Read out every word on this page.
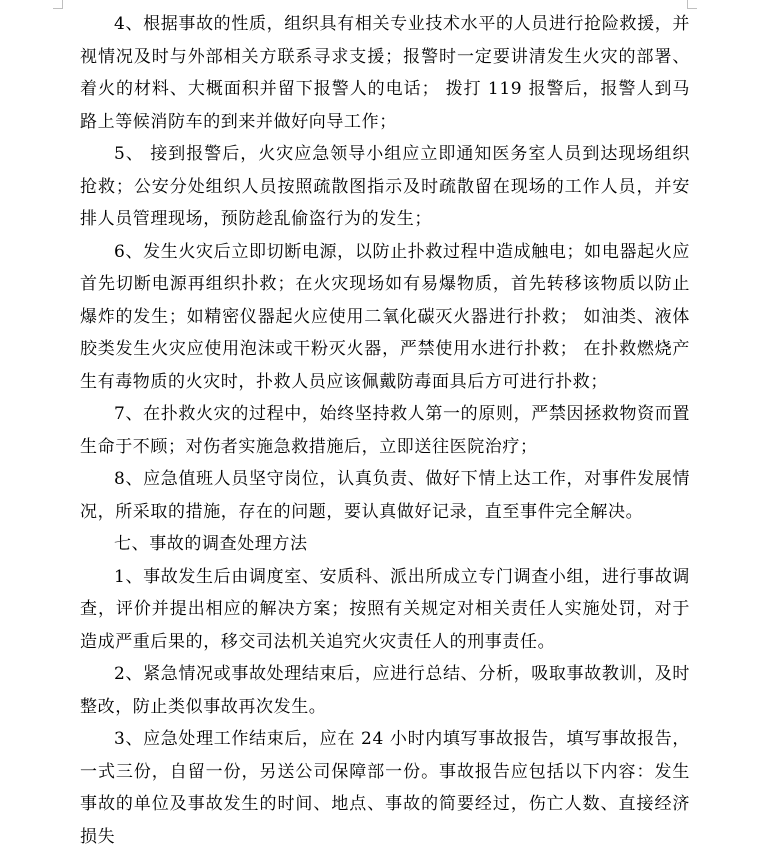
4、根据事故的性质，组织具有相关专业技术水平的人员进行抢险救援，并视情况及时与外部相关方联系寻求支援；报警时一定要讲清发生火灾的部署、着火的材料、大概面积并留下报警人的电话； 拨打 119 报警后，报警人到马路上等候消防车的到来并做好向导工作；

5、 接到报警后，火灾应急领导小组应立即通知医务室人员到达现场组织抢救；公安分处组织人员按照疏散图指示及时疏散留在现场的工作人员，并安排人员管理现场，预防趁乱偷盗行为的发生；

6、发生火灾后立即切断电源，以防止扑救过程中造成触电；如电器起火应首先切断电源再组织扑救；在火灾现场如有易爆物质，首先转移该物质以防止爆炸的发生；如精密仪器起火应使用二氧化碳灭火器进行扑救； 如油类、液体胶类发生火灾应使用泡沫或干粉灭火器，严禁使用水进行扑救； 在扑救燃烧产生有毒物质的火灾时，扑救人员应该佩戴防毒面具后方可进行扑救；

7、在扑救火灾的过程中，始终坚持救人第一的原则，严禁因拯救物资而置生命于不顾；对伤者实施急救措施后，立即送往医院治疗；

8、应急值班人员坚守岗位，认真负责、做好下情上达工作，对事件发展情况，所采取的措施，存在的问题，要认真做好记录，直至事件完全解决。

七、事故的调查处理方法

1、事故发生后由调度室、安质科、派出所成立专门调查小组，进行事故调查，评价并提出相应的解决方案；按照有关规定对相关责任人实施处罚，对于造成严重后果的，移交司法机关追究火灾责任人的刑事责任。

2、紧急情况或事故处理结束后，应进行总结、分析，吸取事故教训，及时整改，防止类似事故再次发生。

3、应急处理工作结束后，应在 24 小时内填写事故报告，填写事故报告，一式三份，自留一份，另送公司保障部一份。事故报告应包括以下内容：发生事故的单位及事故发生的时间、地点、事故的简要经过，伤亡人数、直接经济损失
